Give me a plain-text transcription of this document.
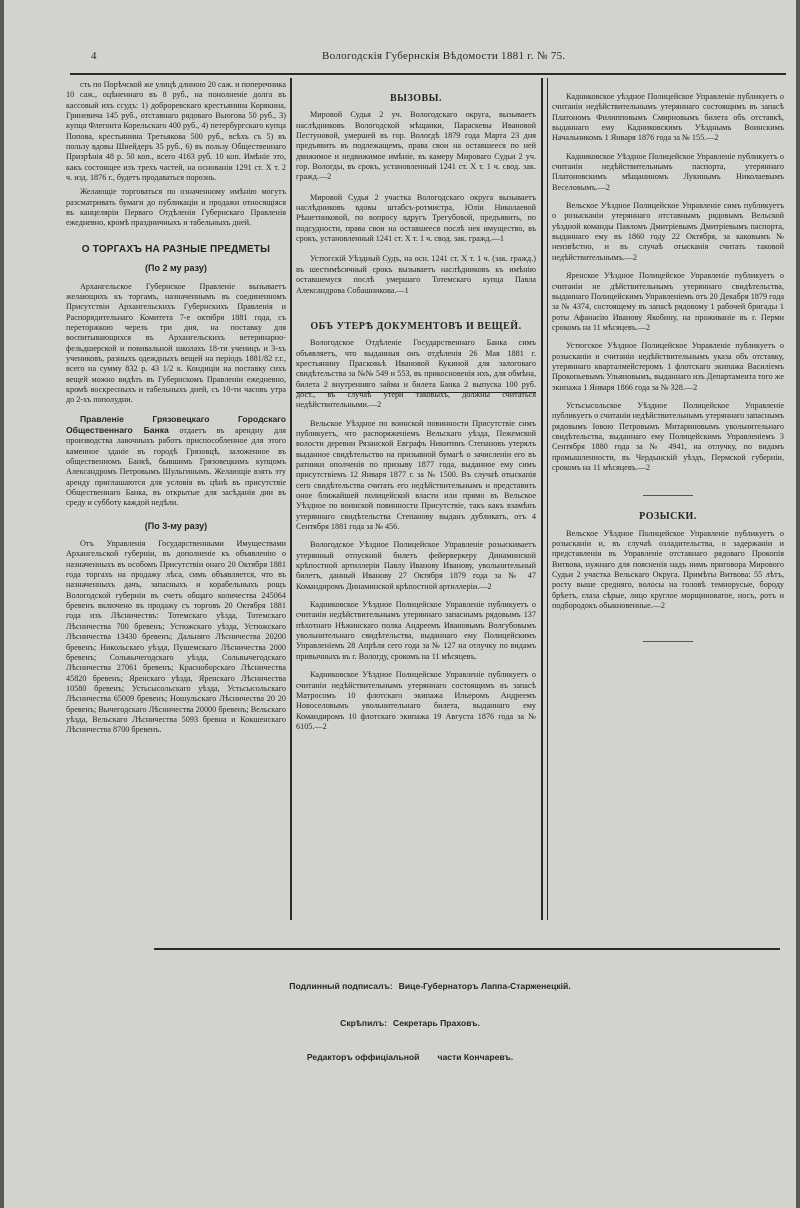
4	Вологодскія Губернскія Вѣдомости 1881 г. № 75.

сть по Порѣчской же улицѣ длиною 20 саж. и поперечника 10 саж., оцѣненнаго въ 8 руб., на понолненіе долга въ кассовый ихъ ссудъ: 1) доброревскаго крестьянина Корякина, Гриневича 145 руб., отставнаго рядоваго Вьюгова 50 руб., 3) купца Флегонта Корельскаго 400 руб., 4) петербургскаго купца Попова, крестьянина Третьякова 500 руб., всѣхъ съ 5) въ пользу вдовы Шнейдеръ 35 руб., 6) въ пользу Общественнаго Призрѣнія 48 р. 50 коп., всего 4163 руб. 10 коп. Имѣніе это, какъ состоящее изъ трехъ частей, на основаніи 1291 ст. Х т. 2 ч. изд. 1876 г., будетъ продаваться порознь.

Желающіе торговаться по означенному имѣнію могутъ разсматривать бумаги до публикаціи и продажи относящіяся въ канцеляріи Перваго Отдѣленія Губернскаго Правленія ежедневно, кромѣ праздничныхъ и табельныхъ дней.

О ТОРГАХЪ НА РАЗНЫЕ ПРЕДМЕТЫ
(По 2 му разу)

Архангельское Губернское Правленіе вызываетъ желающихъ къ торгамъ, назначеннымъ въ соединенномъ Присутствіи Архангельскихъ Губернскихъ Правленія и Распорядительнаго Комитета 7-е октября 1881 года, съ переторжкою черезъ три дня, на поставку для воспитывающихся въ Архангельскихъ ветеринарно-фельдшерской и повивальной школахъ 18-ти ученицъ и 3-хъ учениковъ, разныхъ одеждныхъ вещей на періодъ 1881/82 г.г., всего на сумму 832 р. 43 1/2 к. Кондиціи на поставку сихъ вещей можно видѣть въ Губернскомъ Правленіи ежедневно, кромѣ воскресныхъ и табельныхъ дней, съ 10-ти часовъ утра до 2-хъ пополудни.

Правленіе Грязовецкаго Городскаго Общественнаго Банка отдаетъ въ арендну для производства лавочныхъ работъ приспособленное для этого каменное зданіе въ городѣ Грязовцѣ, заложенное въ общественномъ Банкѣ, бывшимъ Грязовецкимъ купцомъ Александромъ Петровымъ Шульгинымъ. Желающіе взять эту аренду приглашаются для условія въ цѣнѣ въ присутствіе Общественнаго Банка, въ открытые для засѣданія дни въ среду и субботу каждой недѣли.

(По 3-му разу)

Отъ Управленія Государственными Имуществами Архангельской губерніи, въ дополненіе къ объявленію о назначенныхъ въ особомъ Присутствіи онаго 20 Октября 1881 года торгахъ на продажу лѣса, симъ объявляется, что въ назначенныхъ дачъ, запасныхъ и корабельныхъ рощъ Вологодской губерніи въ счетъ общаго количества 245064 бревенъ включено въ продажу съ торговъ 20 Октября 1881 года изъ Лѣсничествъ: Тотемскаго уѣзда, Тотемскаго Лѣсничества 700 бревенъ; Устюжскаго уѣзда, Устюжскаго Лѣсничества 13430 бревенъ; Дальняго Лѣсничества 20200 бревенъ; Никольскаго уѣзда, Пушемскаго Лѣсничества 2000 бревенъ; Сольвычегодскаго уѣзда, Сольвычегодскаго Лѣсничества 27061 бревенъ; Красноборскаго Лѣсничества 45820 бревенъ; Яренскаго уѣзда, Яренскаго Лѣсничества 10580 бревенъ; Устьсысольскаго уѣзда, Устьсысольскаго Лѣсничества 65009 бревенъ; Ношульскаго Лѣсничества 20 20 бревенъ; Вычегодскаго Лѣсничества 20000 бревенъ; Вельскаго уѣзда, Вельскаго Лѣсничества 5093 бревна и Кокшенскаго Лѣсничества 8700 бревенъ.

ВЫЗОВЫ.

Мировой Судья 2 уч. Вологодскаго округа, вызываетъ наслѣдниковъ Вологодской мѣщанки, Параскевы Ивановой Пестуновой, умершей въ гор. Вологдѣ 1879 года Марта 23 дня предъявить въ подлежащемъ, права свои на оставшееся по ней движимое и недвижимое имѣніе, въ камеру Мироваго Судьи 2 уч. гор. Вологды, въ срокъ, установленный 1241 ст. Х т. 1 ч. свод. зак. гражд.—2

Мировой Судья 2 участка Вологодскаго округа вызываетъ наслѣдниковъ вдовы штабсъ-ротмистра, Юліи Николаевой Рѣшетниковой, по вопросу вдругъ Трегубовой, предъявить, по подсудности, права свои на оставшееся послѣ нея имущество, въ срокъ, установленный 1241 ст. Х т. 1 ч. свод. зак. гражд.—1

Устюгскій Уѣздный Судъ, на осн. 1241 ст. Х т. 1 ч. (зак. гражд.) въ шестимѣсячный срокъ вызываетъ наслѣдниковъ къ имѣнію оставшемуся послѣ умершаго Тотемскаго купца Павла Александрова Собашникова.—1

ОБЪ УТЕРѢ ДОКУМЕНТОВЪ И ВЕЩЕЙ.

Вологодское Отдѣленіе Государственнаго Банка симъ объявляетъ, что выданныя онъ отдѣленія 26 Мая 1881 г. крестьянину Прасковьѣ Ивановой Кукиной для залоговаго свидѣтельства за №№ 549 и 553, въ прикосновенія ихъ, для обмѣна, билета 2 внутренняго займа и билета Банка 2 выпуска 100 руб. дост., въ случаѣ утери таковыхъ, должны считаться недѣйствительными.—2

Вельское Уѣздное по воинской повинности Присутствіе симъ публикуетъ, что распоряженіемъ Вельскаго уѣзда, Пежемской волости деревни Рязанской Евграфъ Никитинъ Степановъ утерялъ выданное свидѣтельство на призывной бумагѣ о зачисленіи его въ ратники ополченія по призыву 1877 года, выданное ему симъ присутствіемъ 12 Января 1877 г. за № 1500. Въ случаѣ отыскапія сего свидѣтельства считать его недѣйствительнымъ и представить оное ближайшей полицейской власти или прямо въ Вельское Уѣздное по воинской повинности Присутствіе, такъ какъ взамѣнъ утеряннаго свидѣтельства Степанову выданъ дубликатъ, отъ 4 Сентября 1881 года за № 456.

Вологодское Уѣздное Полицейское Управленіе розыскиваетъ утерянный отпускной билетъ фейерверкеру Динаминской крѣпостной артиллеріи Павлу Иванову Иванову, увольнительный билетъ, данный Иванову 27 Октября 1879 года за № 47 Командиромъ Динаминской крѣпостной артиллеріи.—2

Кадниковское Уѣздное Полицейское Управленіе публикуетъ о считаніи недѣйствительнымъ утеряннаго запаснымъ рядовымъ 137 пѣхотнаго Нѣжинскаго полка Андреемъ Ивановымъ Волгубовымъ увольнительнаго свидѣтельства, выданнаго ему Полицейскимъ Управленіемъ 28 Апрѣля сего года за № 127 на отлучку по видамъ привычныхъ въ г. Вологду, срокомъ на 11 мѣсяцевъ.

Кадниковское Уѣздное Полицейское Управленіе публикуетъ о считаніи недѣйствительнымъ утеряннаго состоящимъ въ запасѣ Матросомъ 10 флотскаго экипажа Ильеромъ Андреемъ Новоселовымъ увольнительнаго билета, выданнаго ему Командиромъ 10 флотскаго экипажа 19 Августа 1876 года за № 6105.—2

Кадниковское уѣздное Полицейское Управленіе публикуетъ о считаніи недѣйствительнымъ утеряннаго состоящимъ въ запасѣ Платономъ Филипповымъ Смирновымъ билета объ отставкѣ, выданнаго ему Кадниковскимъ Уѣзднымъ Воинскимъ Начальникомъ 1 Января 1876 года за № 155.—2

Кадниковское Уѣздное Полицейское Управленіе публикуетъ о считаніи недѣйствительнымъ паспорта, утеряннаго Платоновскимъ мѣщаниномъ Лукинымъ Николаевымъ Веселовымъ.—2

Вельское Уѣздное Полицейское Управленіе симъ публикуетъ о розысканіи утеряннаго отставнымъ рядовымъ Вельской уѣздной команды Павломъ Дмитріевымъ Дмитріевымъ паспорта, выданнаго ему въ 1860 году 22 Октября, за каковымъ № неизвѣстно, и въ случаѣ отысканія считать таковой недѣйствительнымъ.—2

Яренское Уѣздное Полицейское Управленіе публикуетъ о считаніи не дѣйствительнымъ утеряннаго свидѣтельства, выданнаго Полицейскимъ Управленіемъ отъ 20 Декабря 1879 года за № 4374, состоящему въ запасѣ рядовому 1 рабочей бригады 1 роты Афанасію Иванову Якобину, на проживаніе въ г. Перми срокомъ на 11 мѣсяцевъ.—2

Устюгское Уѣздное Полицейское Управленіе публикуетъ о розысканіи и считаніи недѣйствительнымъ указа объ отставку, утеряннаго кварталмейстеромъ 1 флотскаго экипажа Василіемъ Прокопьевымъ Ульяновымъ, выданнаго изъ Департамента того же экипажа 1 Января 1866 года за № 328.—2

Устьсысольское Уѣздное Полицейское Управленіе публикуетъ о считаніи недѣйствительнымъ утеряннаго запаснымъ рядовымъ Іовою Петровымъ Митариновымъ увольнительнаго свидѣтельства, выданнаго ему Полицейскимъ Управленіемъ 3 Сентября 1880 года за № 4941, на отлучку, по видамъ промышленности, въ Чердынскій уѣздъ, Пермской губерніи, срокомъ на 11 мѣсяцевъ.—2

РОЗЫСКИ.

Вельское Уѣздное Полицейское Управленіе публикуетъ о розысканіи и, въ случаѣ озладительства, о задержаніи и представленіи въ Управленіе отставнаго рядоваго Прокопія Витвова, нужнаго для поясненія надъ нимъ приговора Мирового Судьи 2 участка Вельскаго Округа. Примѣты Витвова: 55 лѣтъ, росту выше средняго, волосы на головѣ темнорусые, бороду брѣетъ, глаза сѣрые, лицо круглое морщиноватое, носъ, ротъ и подбородокъ обыкновенные.—2

Подлинный подписалъ: Вице-Губернаторъ Лаппа-Старженецкій.
Скрѣпилъ: Секретарь Праховъ.
Редакторъ оффиціальной части Кончаревъ.
